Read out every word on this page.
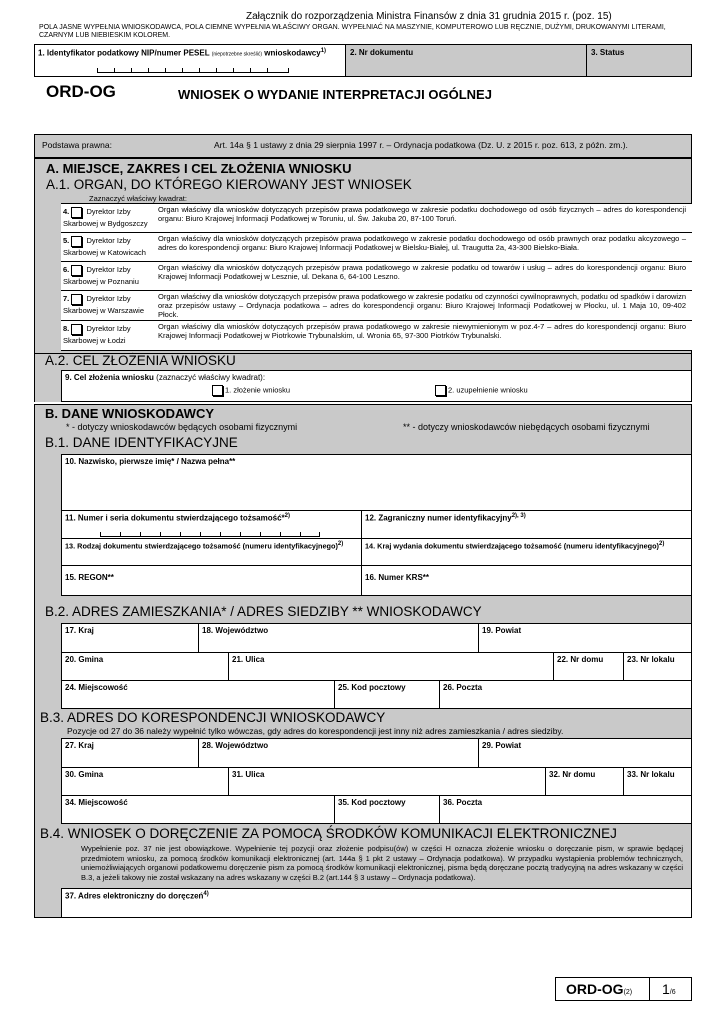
Załącznik do rozporządzenia Ministra Finansów z dnia 31 grudnia 2015 r. (poz. 15)
POLA JASNE WYPEŁNIA WNIOSKODAWCA, POLA CIEMNE WYPEŁNIA WŁAŚCIWY ORGAN. WYPEŁNIAĆ NA MASZYNIE, KOMPUTEROWO LUB RĘCZNIE, DUŻYMI, DRUKOWANYMI LITERAMI, CZARNYM LUB NIEBIESKIM KOLOREM.
1. Identyfikator podatkowy NIP/numer PESEL (niepotrzebne skreślić) wnioskodawcy$^{1)}$	2. Nr dokumentu	3. Status
ORD-OG	WNIOSEK O WYDANIE INTERPRETACJI OGÓLNEJ
Podstawa prawna:	Art. 14a § 1 ustawy z dnia 29 sierpnia 1997 r. – Ordynacja podatkowa (Dz. U. z 2015 r. poz. 613, z późn. zm.).
A. MIEJSCE, ZAKRES I CEL ZŁOŻENIA WNIOSKU
A.1. ORGAN, DO KTÓREGO KIEROWANY JEST WNIOSEK
Zaznaczyć właściwy kwadrat:
4. Dyrektor Izby
Skarbowej w Bydgoszczy
Organ właściwy dla wniosków dotyczących przepisów prawa podatkowego w zakresie podatku dochodowego od osób fizycznych – adres do korespondencji organu: Biuro Krajowej Informacji Podatkowej w Toruniu, ul. Św. Jakuba 20, 87-100 Toruń.
5. Dyrektor Izby
Skarbowej w Katowicach
Organ właściwy dla wniosków dotyczących przepisów prawa podatkowego w zakresie podatku dochodowego od osób prawnych oraz podatku akcyzowego – adres do korespondencji organu: Biuro Krajowej Informacji Podatkowej w Bielsku-Białej, ul. Traugutta 2a, 43-300 Bielsko-Biała.
6. Dyrektor Izby
Skarbowej w Poznaniu
Organ właściwy dla wniosków dotyczących przepisów prawa podatkowego w zakresie podatku od towarów i usług – adres do korespondencji organu: Biuro Krajowej Informacji Podatkowej w Lesznie, ul. Dekana 6, 64-100 Leszno.
7. Dyrektor Izby
Skarbowej w Warszawie
Organ właściwy dla wniosków dotyczących przepisów prawa podatkowego w zakresie podatku od czynności cywilnoprawnych, podatku od spadków i darowizn oraz przepisów ustawy – Ordynacja podatkowa – adres do korespondencji organu: Biuro Krajowej Informacji Podatkowej w Płocku, ul. 1 Maja 10, 09-402 Płock.
8. Dyrektor Izby
Skarbowej w Łodzi
Organ właściwy dla wniosków dotyczących przepisów prawa podatkowego w zakresie niewymienionym w poz.4-7 – adres do korespondencji organu: Biuro Krajowej Informacji Podatkowej w Piotrkowie Trybunalskim, ul. Wronia 65, 97-300 Piotrków Trybunalski.
A.2. CEL ZŁOŻENIA WNIOSKU
9. Cel złożenia wniosku (zaznaczyć właściwy kwadrat):
1. złożenie wniosku	2. uzupełnienie wniosku
B. DANE WNIOSKODAWCY
* - dotyczy wnioskodawców będących osobami fizycznymi	** - dotyczy wnioskodawców niebędących osobami fizycznymi
B.1. DANE IDENTYFIKACYJNE
10. Nazwisko, pierwsze imię* / Nazwa pełna**
11. Numer i seria dokumentu stwierdzającego tożsamość*$^{2)}$	12. Zagraniczny numer identyfikacyjny$^{2), 3)}$
13. Rodzaj dokumentu stwierdzającego tożsamość (numeru identyfikacyjnego)$^{2)}$	14. Kraj wydania dokumentu stwierdzającego tożsamość (numeru identyfikacyjnego)$^{2)}$
15. REGON**	16. Numer KRS**
B.2. ADRES ZAMIESZKANIA* / ADRES SIEDZIBY ** WNIOSKODAWCY
17. Kraj	18. Województwo	19. Powiat
20. Gmina	21. Ulica	22. Nr domu	23. Nr lokalu
24. Miejscowość	25. Kod pocztowy	26. Poczta
B.3. ADRES DO KORESPONDENCJI WNIOSKODAWCY
Pozycje od 27 do 36 należy wypełnić tylko wówczas, gdy adres do korespondencji jest inny niż adres zamieszkania / adres siedziby.
27. Kraj	28. Województwo	29. Powiat
30. Gmina	31. Ulica	32. Nr domu	33. Nr lokalu
34. Miejscowość	35. Kod pocztowy	36. Poczta
B.4. WNIOSEK O DORĘCZENIE ZA POMOCĄ ŚRODKÓW KOMUNIKACJI ELEKTRONICZNEJ
Wypełnienie poz. 37 nie jest obowiązkowe. Wypełnienie tej pozycji oraz złożenie podpisu(ów) w części H oznacza złożenie wniosku o doręczanie pism, w sprawie będącej przedmiotem wniosku, za pomocą środków komunikacji elektronicznej (art. 144a § 1 pkt 2 ustawy – Ordynacja podatkowa). W przypadku wystąpienia problemów technicznych, uniemożliwiających organowi podatkowemu doręczenie pism za pomocą środków komunikacji elektronicznej, pisma będą doręczane pocztą tradycyjną na adres wskazany w części B.3, a jeżeli takowy nie został wskazany na adres wskazany w części B.2 (art.144 § 3 ustawy – Ordynacja podatkowa).
37. Adres elektroniczny do doręczeń$^{4)}$
ORD-OG(2) 1/6
